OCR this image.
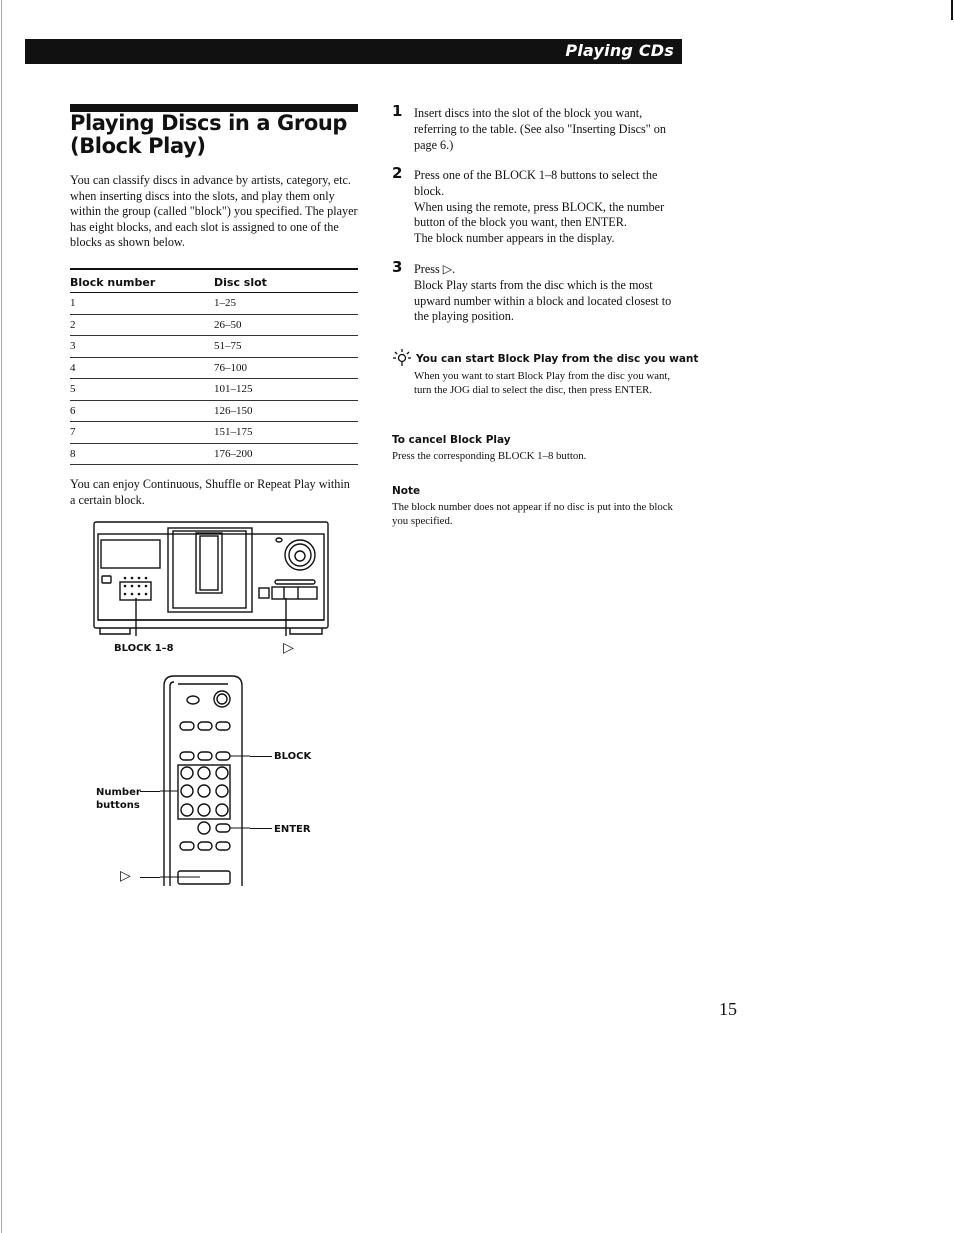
Playing CDs
Playing Discs in a Group
(Block Play)
You can classify discs in advance by artists, category, etc. when inserting discs into the slots, and play them only within the group (called "block") you specified. The player has eight blocks, and each slot is assigned to one of the blocks as shown below.
Block number	Disc slot
1	1–25
2	26–50
3	51–75
4	76–100
5	101–125
6	126–150
7	151–175
8	176–200
You can enjoy Continuous, Shuffle or Repeat Play within a certain block.
BLOCK 1–8	▷
BLOCK
Number
buttons
ENTER
▷
1 Insert discs into the slot of the block you want, referring to the table. (See also "Inserting Discs" on page 6.)
2 Press one of the BLOCK 1–8 buttons to select the block.
When using the remote, press BLOCK, the number button of the block you want, then ENTER.
The block number appears in the display.
3 Press ▷.
Block Play starts from the disc which is the most upward number within a block and located closest to the playing position.
You can start Block Play from the disc you want
When you want to start Block Play from the disc you want, turn the JOG dial to select the disc, then press ENTER.
To cancel Block Play
Press the corresponding BLOCK 1–8 button.
Note
The block number does not appear if no disc is put into the block you specified.
15
